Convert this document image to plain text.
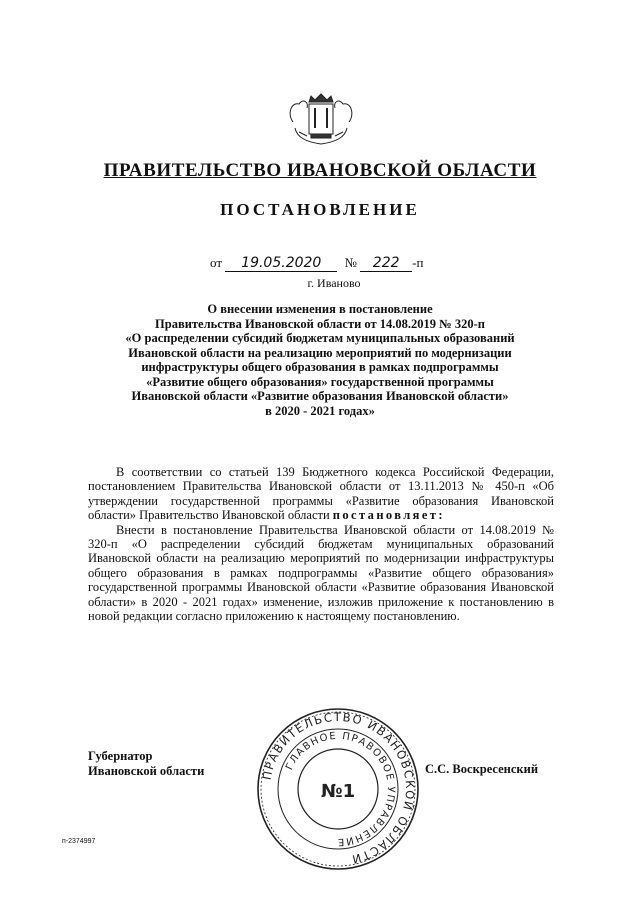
ПРАВИТЕЛЬСТВО ИВАНОВСКОЙ ОБЛАСТИ
ПОСТАНОВЛЕНИЕ
от 19.05.2020 № 222 -п
г. Иваново
О внесении изменения в постановление
Правительства Ивановской области от 14.08.2019 № 320-п
«О распределении субсидий бюджетам муниципальных образований
Ивановской области на реализацию мероприятий по модернизации
инфраструктуры общего образования в рамках подпрограммы
«Развитие общего образования» государственной программы
Ивановской области «Развитие образования Ивановской области»
в 2020 - 2021 годах»

В соответствии со статьей 139 Бюджетного кодекса Российской Федерации, постановлением Правительства Ивановской области от 13.11.2013 № 450-п «Об утверждении государственной программы «Развитие образования Ивановской области» Правительство Ивановской области постановляет:

Внести в постановление Правительства Ивановской области от 14.08.2019 № 320-п «О распределении субсидий бюджетам муниципальных образований Ивановской области на реализацию мероприятий по модернизации инфраструктуры общего образования в рамках подпрограммы «Развитие общего образования» государственной программы Ивановской области «Развитие образования Ивановской области» в 2020 - 2021 годах» изменение, изложив приложение к постановлению в новой редакции согласно приложению к настоящему постановлению.

Губернатор
Ивановской области	ПРАВИТЕЛЬСТВО ИВАНОВСКОЙ ОБЛАСТИ
ГЛАВНОЕ ПРАВОВОЕ УПРАВЛЕНИЕ
№1
С.С. Воскресенский
п-2374997
